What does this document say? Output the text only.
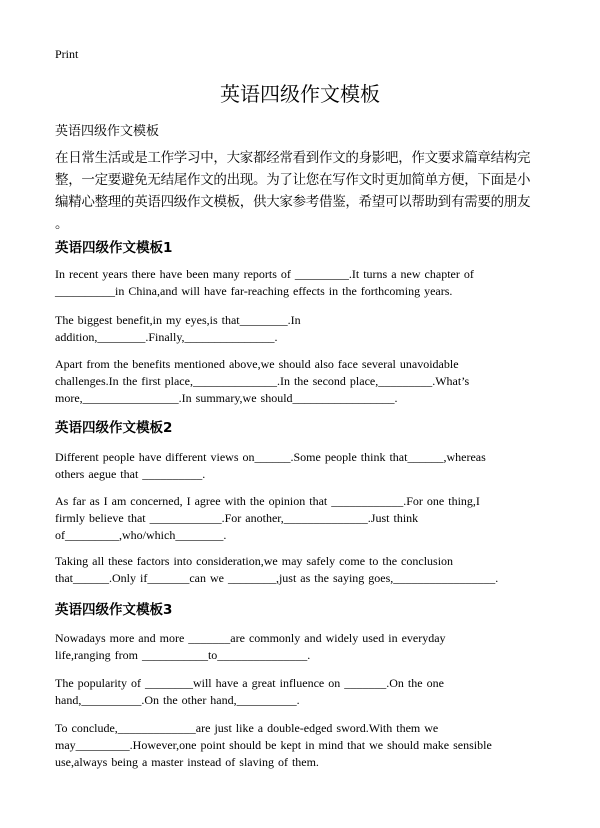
Print
英语四级作文模板
英语四级作文模板
在日常生活或是工作学习中，大家都经常看到作文的身影吧，作文要求篇章结构完
整，一定要避免无结尾作文的出现。为了让您在写作文时更加简单方便，下面是小
编精心整理的英语四级作文模板，供大家参考借鉴，希望可以帮助到有需要的朋友
。
英语四级作文模板1
In recent years there have been many reports of _________.It turns a new chapter of
__________in China,and will have far-reaching effects in the forthcoming years.
The biggest benefit,in my eyes,is that________.In
addition,________.Finally,_______________.
Apart from the benefits mentioned above,we should also face several unavoidable
challenges.In the first place,______________.In the second place,_________.What’s
more,________________.In summary,we should_________________.
英语四级作文模板2
Different people have different views on______.Some people think that______,whereas
others aegue that __________.
As far as I am concerned, I agree with the opinion that ____________.For one thing,I
firmly believe that ____________.For another,______________.Just think
of_________,who/which________.
Taking all these factors into consideration,we may safely come to the conclusion
that______.Only if_______can we ________,just as the saying goes,_________________.
英语四级作文模板3
Nowadays more and more _______are commonly and widely used in everyday
life,ranging from ___________to_______________.
The popularity of ________will have a great influence on _______.On the one
hand,__________.On the other hand,__________.
To conclude,_____________are just like a double-edged sword.With them we
may_________.However,one point should be kept in mind that we should make sensible
use,always being a master instead of slaving of them.
